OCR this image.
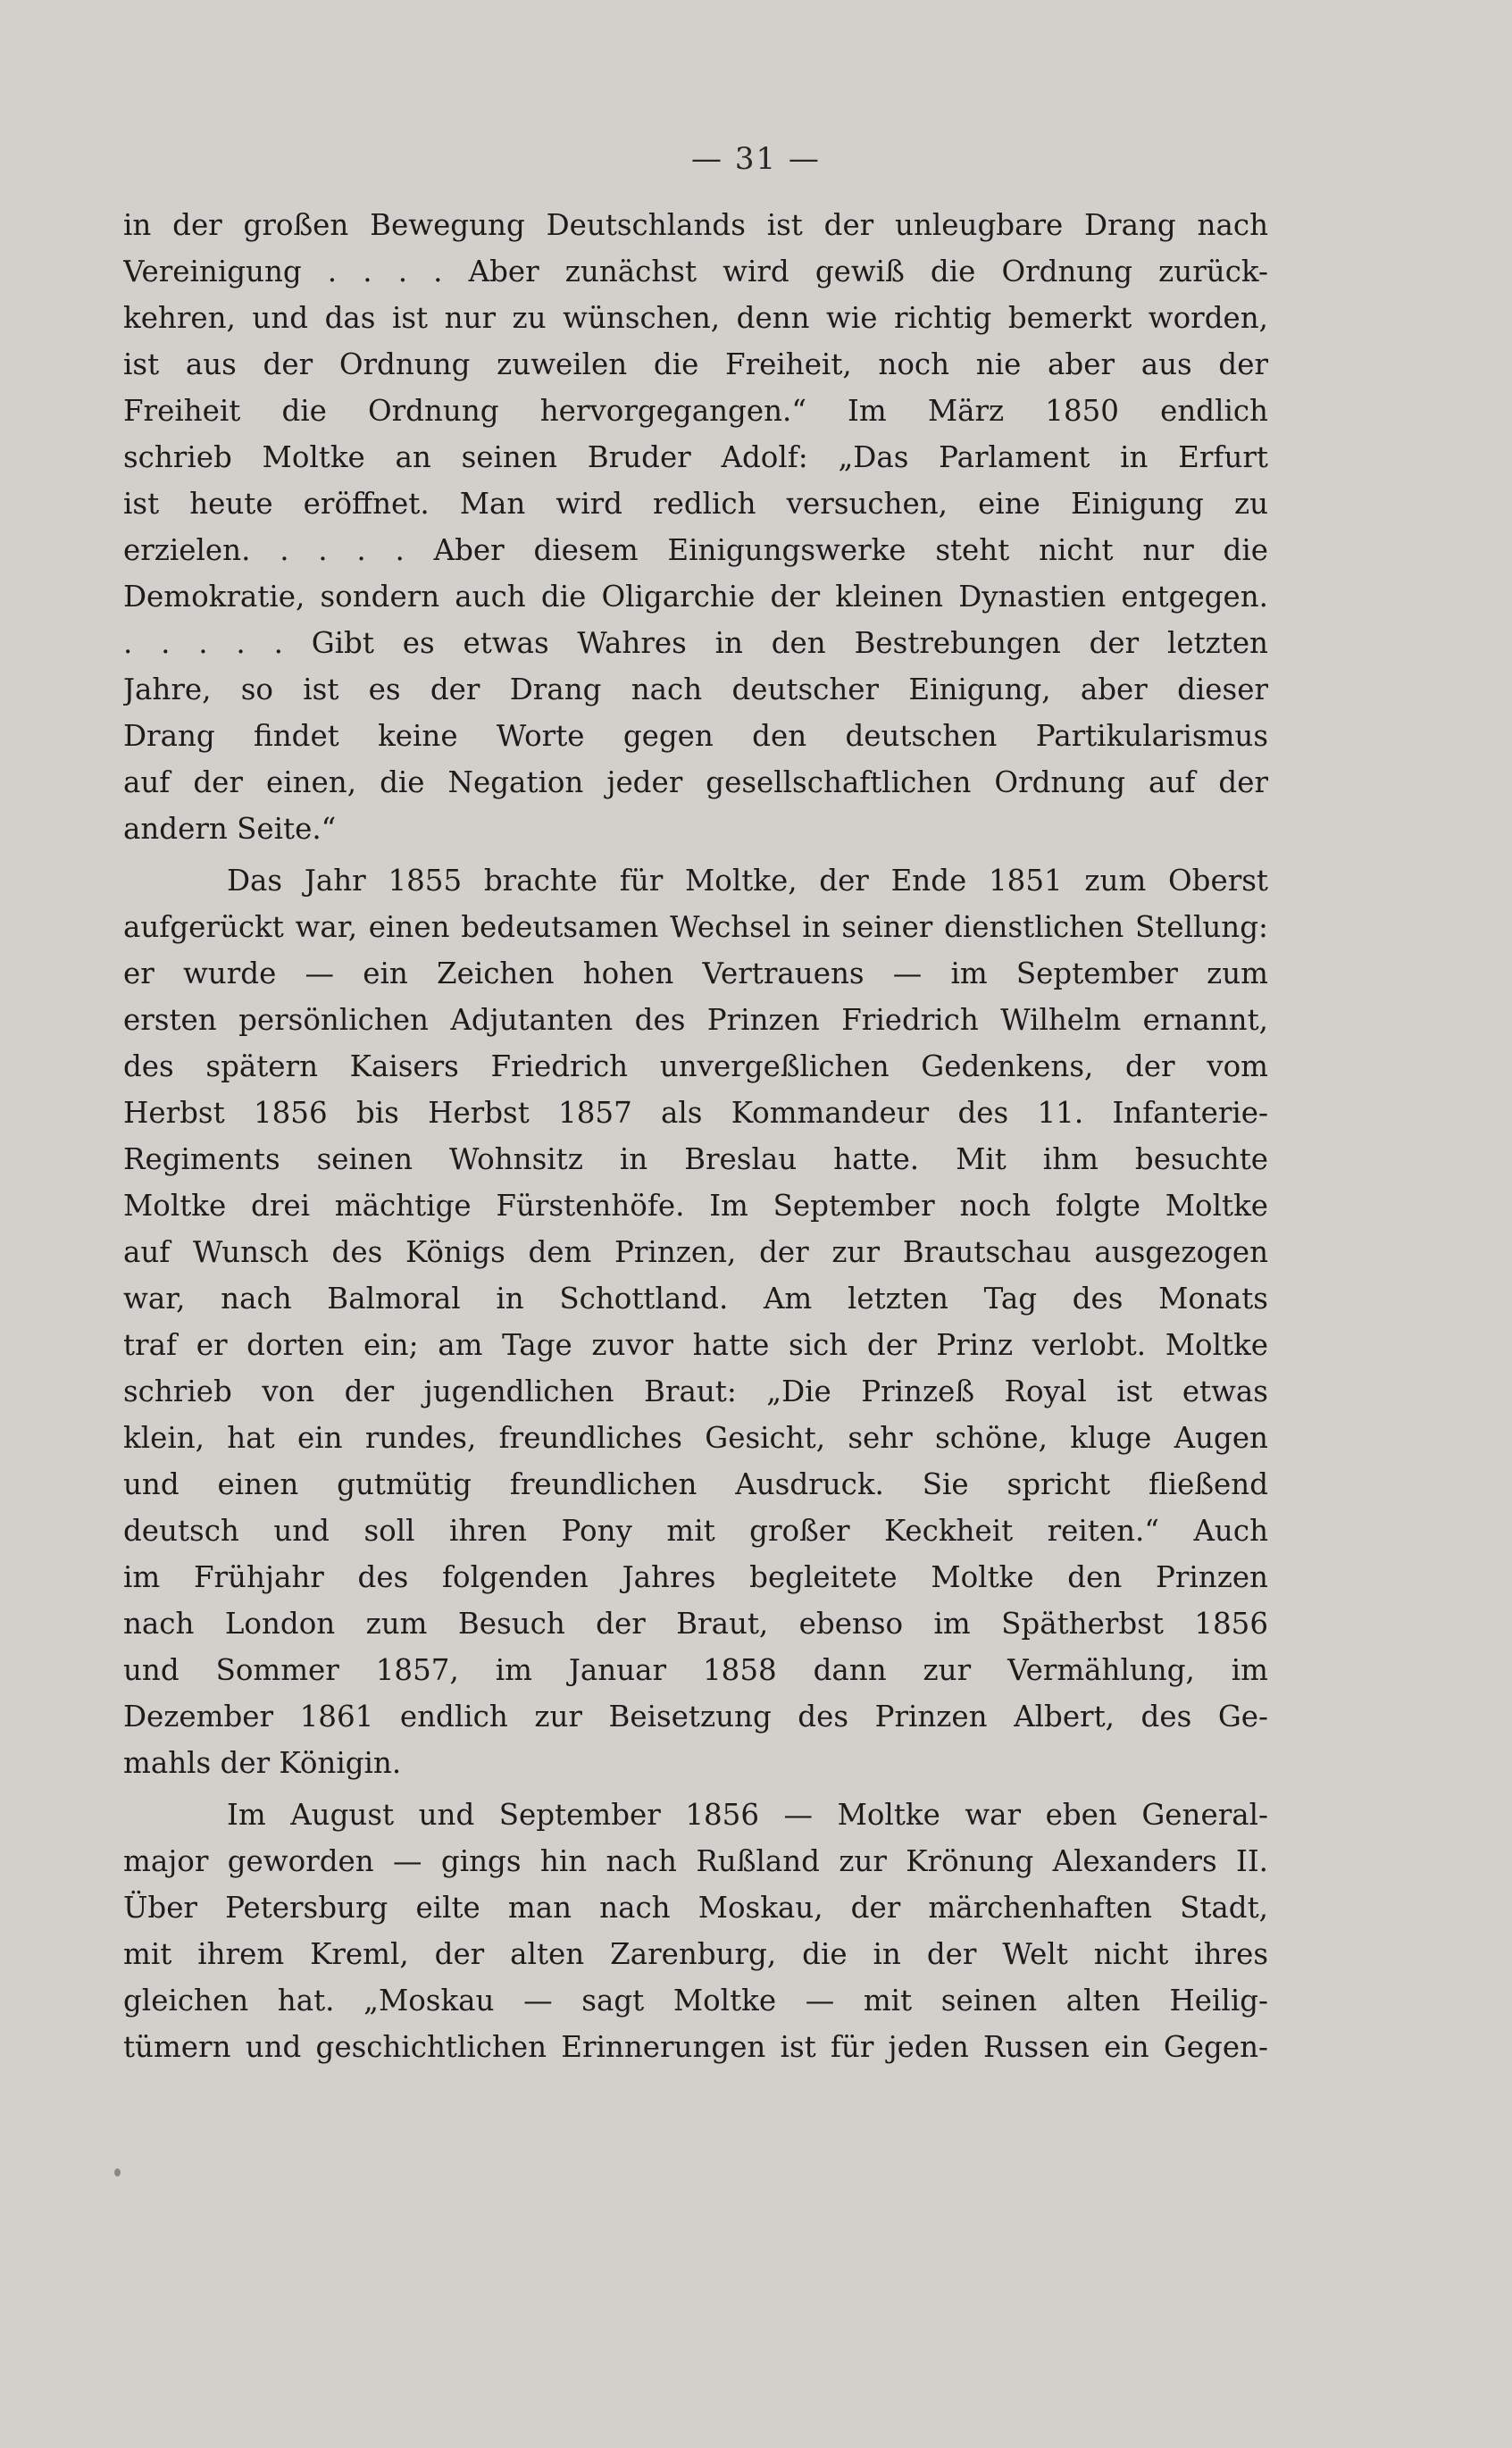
— 31 —
in der großen Bewegung Deutschlands ist der unleugbare Drang nach
Vereinigung . . . . Aber zunächst wird gewiß die Ordnung zurück-
kehren, und das ist nur zu wünschen, denn wie richtig bemerkt worden,
ist aus der Ordnung zuweilen die Freiheit, noch nie aber aus der
Freiheit die Ordnung hervorgegangen.“ Im März 1850 endlich
schrieb Moltke an seinen Bruder Adolf: „Das Parlament in Erfurt
ist heute eröffnet. Man wird redlich versuchen, eine Einigung zu
erzielen. . . . . Aber diesem Einigungswerke steht nicht nur die
Demokratie, sondern auch die Oligarchie der kleinen Dynastien entgegen.
. . . . . Gibt es etwas Wahres in den Bestrebungen der letzten
Jahre, so ist es der Drang nach deutscher Einigung, aber dieser
Drang findet keine Worte gegen den deutschen Partikularismus
auf der einen, die Negation jeder gesellschaftlichen Ordnung auf der
andern Seite.“
Das Jahr 1855 brachte für Moltke, der Ende 1851 zum Oberst
aufgerückt war, einen bedeutsamen Wechsel in seiner dienstlichen Stellung:
er wurde — ein Zeichen hohen Vertrauens — im September zum
ersten persönlichen Adjutanten des Prinzen Friedrich Wilhelm ernannt,
des spätern Kaisers Friedrich unvergeßlichen Gedenkens, der vom
Herbst 1856 bis Herbst 1857 als Kommandeur des 11. Infanterie-
Regiments seinen Wohnsitz in Breslau hatte. Mit ihm besuchte
Moltke drei mächtige Fürstenhöfe. Im September noch folgte Moltke
auf Wunsch des Königs dem Prinzen, der zur Brautschau ausgezogen
war, nach Balmoral in Schottland. Am letzten Tag des Monats
traf er dorten ein; am Tage zuvor hatte sich der Prinz verlobt. Moltke
schrieb von der jugendlichen Braut: „Die Prinzeß Royal ist etwas
klein, hat ein rundes, freundliches Gesicht, sehr schöne, kluge Augen
und einen gutmütig freundlichen Ausdruck. Sie spricht fließend
deutsch und soll ihren Pony mit großer Keckheit reiten.“ Auch
im Frühjahr des folgenden Jahres begleitete Moltke den Prinzen
nach London zum Besuch der Braut, ebenso im Spätherbst 1856
und Sommer 1857, im Januar 1858 dann zur Vermählung, im
Dezember 1861 endlich zur Beisetzung des Prinzen Albert, des Ge-
mahls der Königin.
Im August und September 1856 — Moltke war eben General-
major geworden — gings hin nach Rußland zur Krönung Alexanders II.
Über Petersburg eilte man nach Moskau, der märchenhaften Stadt,
mit ihrem Kreml, der alten Zarenburg, die in der Welt nicht ihres
gleichen hat. „Moskau — sagt Moltke — mit seinen alten Heilig-
tümern und geschichtlichen Erinnerungen ist für jeden Russen ein Gegen-
